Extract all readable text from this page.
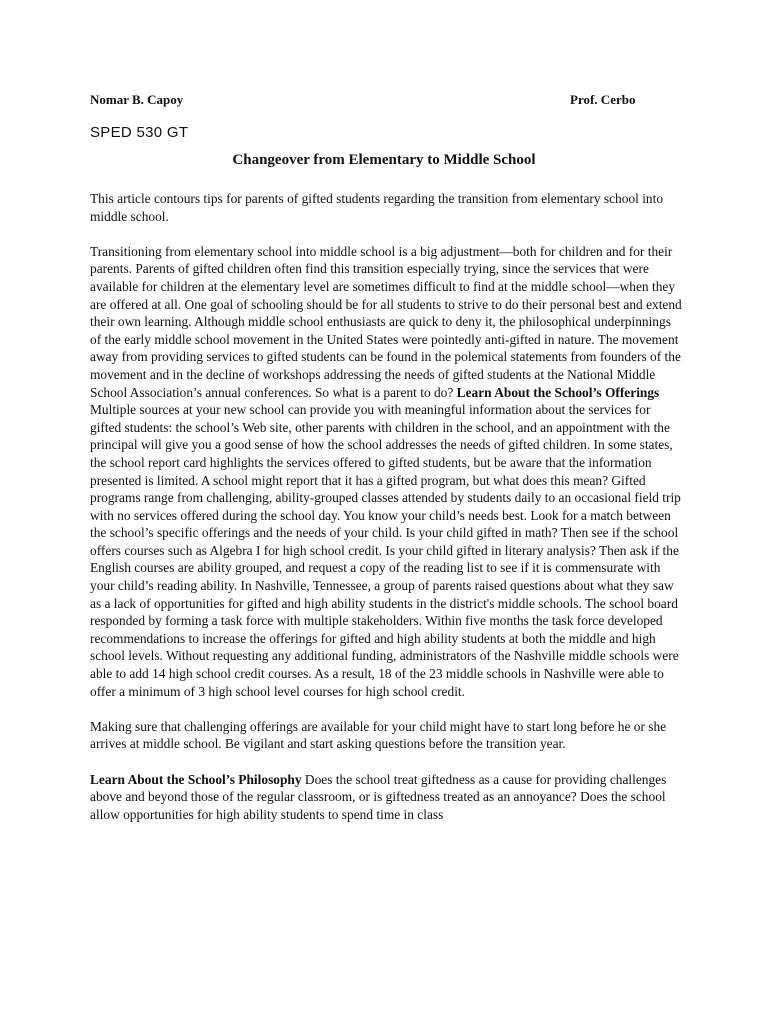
Nomar B. Capoy	Prof. Cerbo
SPED 530 GT
Changeover from Elementary to Middle School

This article contours tips for parents of gifted students regarding the transition from elementary school into middle school.

Transitioning from elementary school into middle school is a big adjustment—both for children and for their parents. Parents of gifted children often find this transition especially trying, since the services that were available for children at the elementary level are sometimes difficult to find at the middle school—when they are offered at all. One goal of schooling should be for all students to strive to do their personal best and extend their own learning. Although middle school enthusiasts are quick to deny it, the philosophical underpinnings of the early middle school movement in the United States were pointedly anti-gifted in nature. The movement away from providing services to gifted students can be found in the polemical statements from founders of the movement and in the decline of workshops addressing the needs of gifted students at the National Middle School Association’s annual conferences. So what is a parent to do? Learn About the School’s Offerings Multiple sources at your new school can provide you with meaningful information about the services for gifted students: the school’s Web site, other parents with children in the school, and an appointment with the principal will give you a good sense of how the school addresses the needs of gifted children. In some states, the school report card highlights the services offered to gifted students, but be aware that the information presented is limited. A school might report that it has a gifted program, but what does this mean? Gifted programs range from challenging, ability-grouped classes attended by students daily to an occasional field trip with no services offered during the school day. You know your child’s needs best. Look for a match between the school’s specific offerings and the needs of your child. Is your child gifted in math? Then see if the school offers courses such as Algebra I for high school credit. Is your child gifted in literary analysis? Then ask if the English courses are ability grouped, and request a copy of the reading list to see if it is commensurate with your child’s reading ability. In Nashville, Tennessee, a group of parents raised questions about what they saw as a lack of opportunities for gifted and high ability students in the district's middle schools. The school board responded by forming a task force with multiple stakeholders. Within five months the task force developed recommendations to increase the offerings for gifted and high ability students at both the middle and high school levels. Without requesting any additional funding, administrators of the Nashville middle schools were able to add 14 high school credit courses. As a result, 18 of the 23 middle schools in Nashville were able to offer a minimum of 3 high school level courses for high school credit.

Making sure that challenging offerings are available for your child might have to start long before he or she arrives at middle school. Be vigilant and start asking questions before the transition year.

Learn About the School’s Philosophy Does the school treat giftedness as a cause for providing challenges above and beyond those of the regular classroom, or is giftedness treated as an annoyance? Does the school allow opportunities for high ability students to spend time in class
